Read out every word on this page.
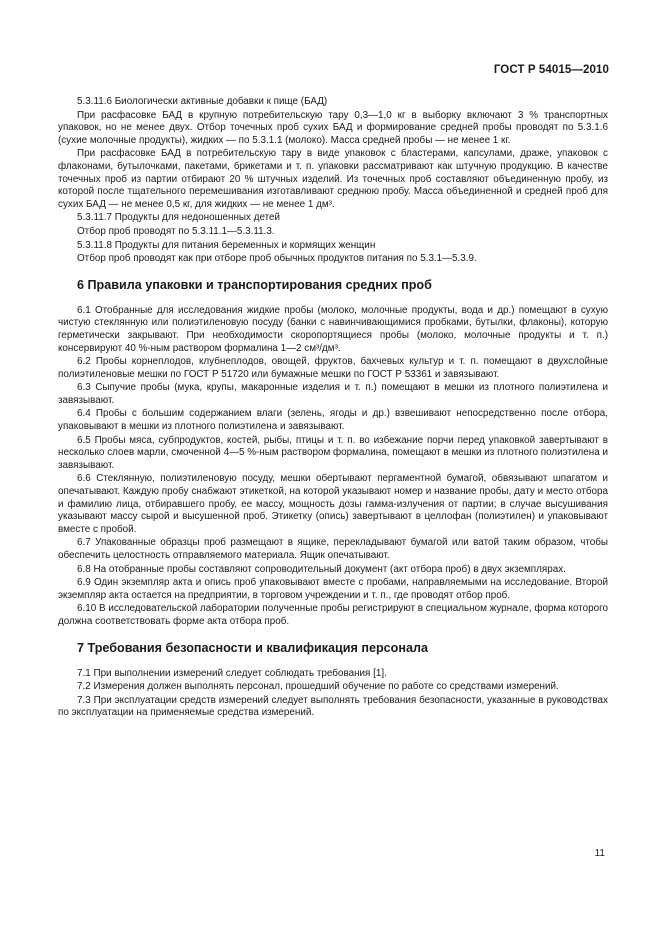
ГОСТ Р 54015—2010

5.3.11.6 Биологически активные добавки к пище (БАД)

При расфасовке БАД в крупную потребительскую тару 0,3—1,0 кг в выборку включают 3 % транспортных упаковок, но не менее двух. Отбор точечных проб сухих БАД и формирование средней пробы проводят по 5.3.1.6 (сухие молочные продукты), жидких — по 5.3.1.1 (молоко). Масса средней пробы — не менее 1 кг.

При расфасовке БАД в потребительскую тару в виде упаковок с бластерами, капсулами, драже, упаковок с флаконами, бутылочками, пакетами, брикетами и т. п. упаковки рассматривают как штучную продукцию. В качестве точечных проб из партии отбирают 20 % штучных изделий. Из точечных проб составляют объединенную пробу, из которой после тщательного перемешивания изготавливают среднюю пробу. Масса объединенной и средней проб для сухих БАД — не менее 0,5 кг, для жидких — не менее 1 дм³.

5.3.11.7 Продукты для недоношенных детей

Отбор проб проводят по 5.3.11.1—5.3.11.3.

5.3.11.8 Продукты для питания беременных и кормящих женщин

Отбор проб проводят как при отборе проб обычных продуктов питания по 5.3.1—5.3.9.

6 Правила упаковки и транспортирования средних проб

6.1 Отобранные для исследования жидкие пробы (молоко, молочные продукты, вода и др.) помещают в сухую чистую стеклянную или полиэтиленовую посуду (банки с навинчивающимися пробками, бутылки, флаконы), которую герметически закрывают. При необходимости скоропортящиеся пробы (молоко, молочные продукты и т. п.) консервируют 40 %-ным раствором формалина 1—2 см³/дм³.

6.2 Пробы корнеплодов, клубнеплодов, овощей, фруктов, бахчевых культур и т. п. помещают в двухслойные полиэтиленовые мешки по ГОСТ Р 51720 или бумажные мешки по ГОСТ Р 53361 и завязывают.

6.3 Сыпучие пробы (мука, крупы, макаронные изделия и т. п.) помещают в мешки из плотного полиэтилена и завязывают.

6.4 Пробы с большим содержанием влаги (зелень, ягоды и др.) взвешивают непосредственно после отбора, упаковывают в мешки из плотного полиэтилена и завязывают.

6.5 Пробы мяса, субпродуктов, костей, рыбы, птицы и т. п. во избежание порчи перед упаковкой завертывают в несколько слоев марли, смоченной 4—5 %-ным раствором формалина, помещают в мешки из плотного полиэтилена и завязывают.

6.6 Стеклянную, полиэтиленовую посуду, мешки обертывают пергаментной бумагой, обвязывают шпагатом и опечатывают. Каждую пробу снабжают этикеткой, на которой указывают номер и название пробы, дату и место отбора и фамилию лица, отбиравшего пробу, ее массу, мощность дозы гамма-излучения от партии; в случае высушивания указывают массу сырой и высушенной проб. Этикетку (опись) завертывают в целлофан (полиэтилен) и упаковывают вместе с пробой.

6.7 Упакованные образцы проб размещают в ящике, перекладывают бумагой или ватой таким образом, чтобы обеспечить целостность отправляемого материала. Ящик опечатывают.

6.8 На отобранные пробы составляют сопроводительный документ (акт отбора проб) в двух экземплярах.

6.9 Один экземпляр акта и опись проб упаковывают вместе с пробами, направляемыми на исследование. Второй экземпляр акта остается на предприятии, в торговом учреждении и т. п., где проводят отбор проб.

6.10 В исследовательской лаборатории полученные пробы регистрируют в специальном журнале, форма которого должна соответствовать форме акта отбора проб.

7 Требования безопасности и квалификация персонала

7.1 При выполнении измерений следует соблюдать требования [1].

7.2 Измерения должен выполнять персонал, прошедший обучение по работе со средствами измерений.

7.3 При эксплуатации средств измерений следует выполнять требования безопасности, указанные в руководствах по эксплуатации на применяемые средства измерений.

11
